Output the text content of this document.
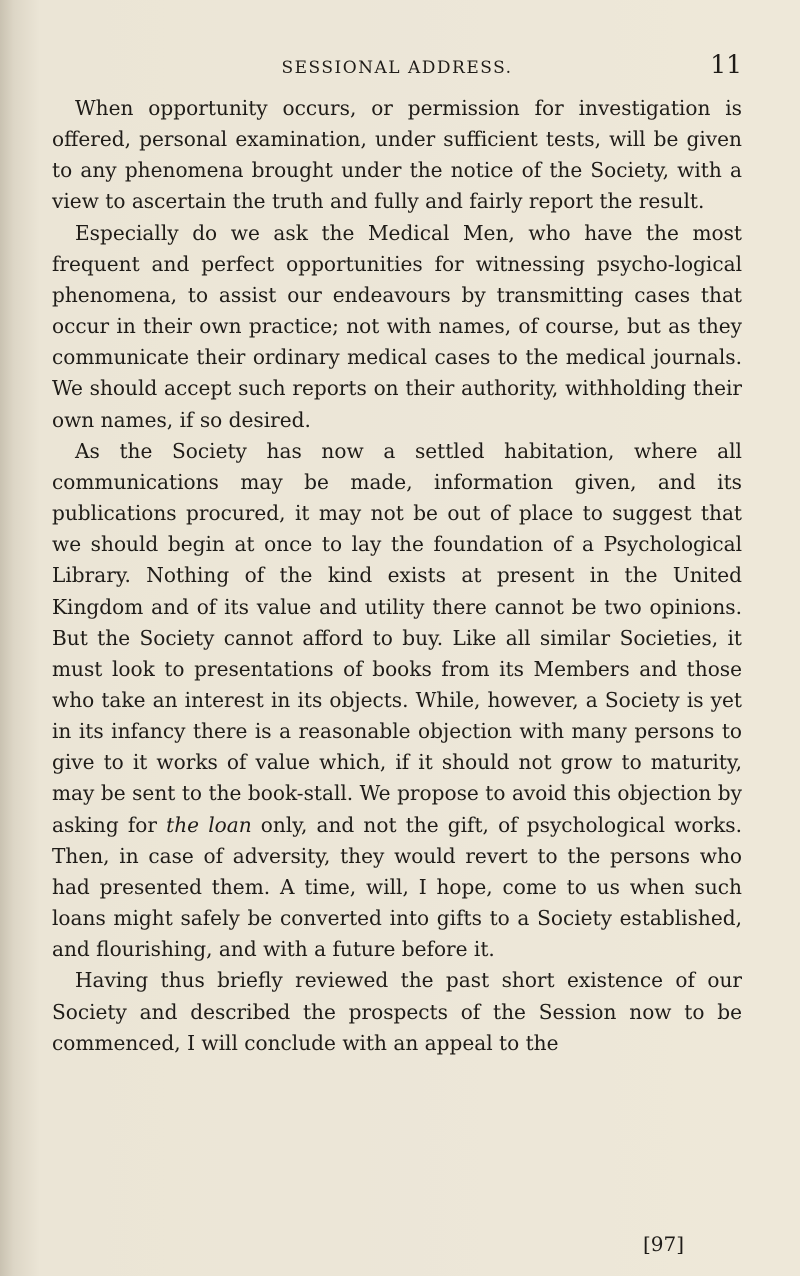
SESSIONAL ADDRESS.	11

When opportunity occurs, or permission for investigation is offered, personal examination, under sufficient tests, will be given to any phenomena brought under the notice of the Society, with a view to ascertain the truth and fully and fairly report the result.

Especially do we ask the Medical Men, who have the most frequent and perfect opportunities for witnessing psycho-logical phenomena, to assist our endeavours by transmitting cases that occur in their own practice; not with names, of course, but as they communicate their ordinary medical cases to the medical journals. We should accept such reports on their authority, withholding their own names, if so desired.

As the Society has now a settled habitation, where all communications may be made, information given, and its publications procured, it may not be out of place to suggest that we should begin at once to lay the foundation of a Psychological Library. Nothing of the kind exists at present in the United Kingdom and of its value and utility there cannot be two opinions. But the Society cannot afford to buy. Like all similar Societies, it must look to presentations of books from its Members and those who take an interest in its objects. While, however, a Society is yet in its infancy there is a reasonable objection with many persons to give to it works of value which, if it should not grow to maturity, may be sent to the book-stall. We propose to avoid this objection by asking for the loan only, and not the gift, of psychological works. Then, in case of adversity, they would revert to the persons who had presented them. A time, will, I hope, come to us when such loans might safely be converted into gifts to a Society established, and flourishing, and with a future before it.

Having thus briefly reviewed the past short existence of our Society and described the prospects of the Session now to be commenced, I will conclude with an appeal to the

[97]
